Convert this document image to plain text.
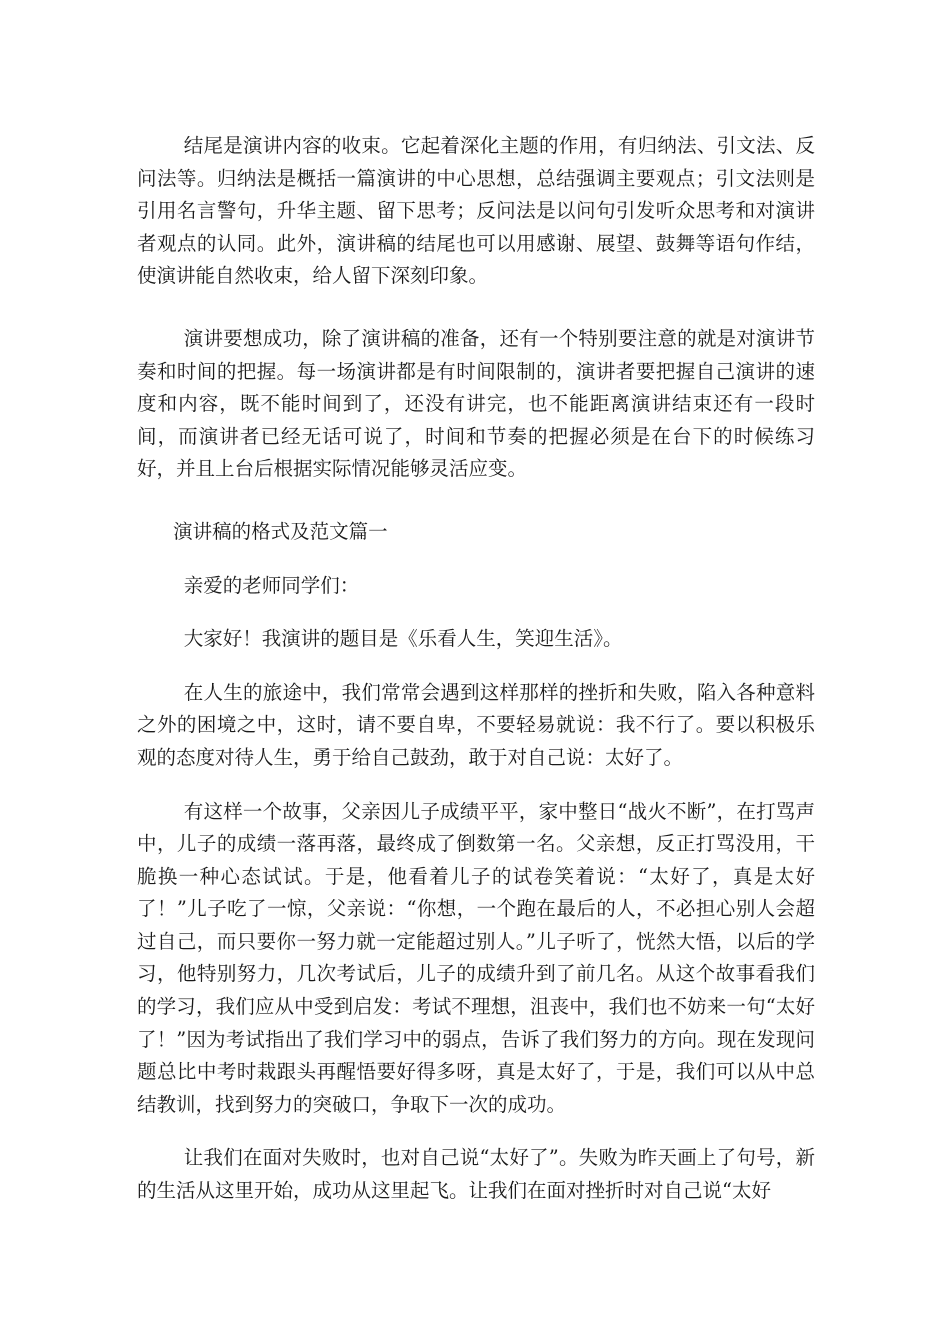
结尾是演讲内容的收束。它起着深化主题的作用，有归纳法、引文法、反问法等。归纳法是概括一篇演讲的中心思想，总结强调主要观点；引文法则是引用名言警句，升华主题、留下思考；反问法是以问句引发听众思考和对演讲者观点的认同。此外，演讲稿的结尾也可以用感谢、展望、鼓舞等语句作结，使演讲能自然收束，给人留下深刻印象。

演讲要想成功，除了演讲稿的准备，还有一个特别要注意的就是对演讲节奏和时间的把握。每一场演讲都是有时间限制的，演讲者要把握自己演讲的速度和内容，既不能时间到了，还没有讲完，也不能距离演讲结束还有一段时间，而演讲者已经无话可说了，时间和节奏的把握必须是在台下的时候练习好，并且上台后根据实际情况能够灵活应变。

演讲稿的格式及范文篇一

亲爱的老师同学们：

大家好！我演讲的题目是《乐看人生，笑迎生活》。

在人生的旅途中，我们常常会遇到这样那样的挫折和失败，陷入各种意料之外的困境之中，这时，请不要自卑，不要轻易就说：我不行了。要以积极乐观的态度对待人生，勇于给自己鼓劲，敢于对自己说：太好了。

有这样一个故事，父亲因儿子成绩平平，家中整日“战火不断”，在打骂声中，儿子的成绩一落再落，最终成了倒数第一名。父亲想，反正打骂没用，干脆换一种心态试试。于是，他看着儿子的试卷笑着说：“太好了，真是太好了！”儿子吃了一惊，父亲说：“你想，一个跑在最后的人，不必担心别人会超过自己，而只要你一努力就一定能超过别人。”儿子听了，恍然大悟，以后的学习，他特别努力，几次考试后，儿子的成绩升到了前几名。从这个故事看我们的学习，我们应从中受到启发：考试不理想，沮丧中，我们也不妨来一句“太好了！”因为考试指出了我们学习中的弱点，告诉了我们努力的方向。现在发现问题总比中考时栽跟头再醒悟要好得多呀，真是太好了，于是，我们可以从中总结教训，找到努力的突破口，争取下一次的成功。

让我们在面对失败时，也对自己说“太好了”。失败为昨天画上了句号，新的生活从这里开始，成功从这里起飞。让我们在面对挫折时对自己说“太好
